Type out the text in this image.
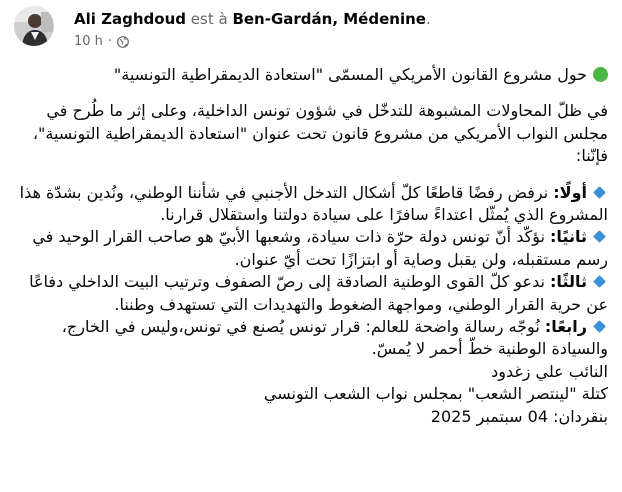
Ali Zaghdoud est à Ben-Gardán, Médenine.
10 h ·

حول مشروع القانون الأمريكي المسمّى "استعادة الديمقراطية التونسية"

في ظلّ المحاولات المشبوهة للتدخّل في شؤون تونس الداخلية، وعلى إثر ما طُرح في مجلس النواب الأمريكي من مشروع قانون تحت عنوان "استعادة الديمقراطية التونسية"، فإنّنا:

أولًا: نرفض رفضًا قاطعًا كلّ أشكال التدخل الأجنبي في شأننا الوطني، ونُدين بشدّة هذا المشروع الذي يُمثّل اعتداءً سافرًا على سيادة دولتنا واستقلال قرارنا.

ثانيًا: نؤكّد أنّ تونس دولة حرّة ذات سيادة، وشعبها الأبيّ هو صاحب القرار الوحيد في رسم مستقبله، ولن يقبل وصاية أو ابتزازًا تحت أيّ عنوان.

ثالثًا: ندعو كلّ القوى الوطنية الصادقة إلى رصّ الصفوف وترتيب البيت الداخلي دفاعًا عن حرية القرار الوطني، ومواجهة الضغوط والتهديدات التي تستهدف وطننا.

رابعًا: نُوجّه رسالة واضحة للعالم: قرار تونس يُصنع في تونس،وليس في الخارج، والسيادة الوطنية خطّ أحمر لا يُمسّ.

النائب علي زغدود

كتلة "لينتصر الشعب" بمجلس نواب الشعب التونسي

بنقردان: 04 سبتمبر 2025
